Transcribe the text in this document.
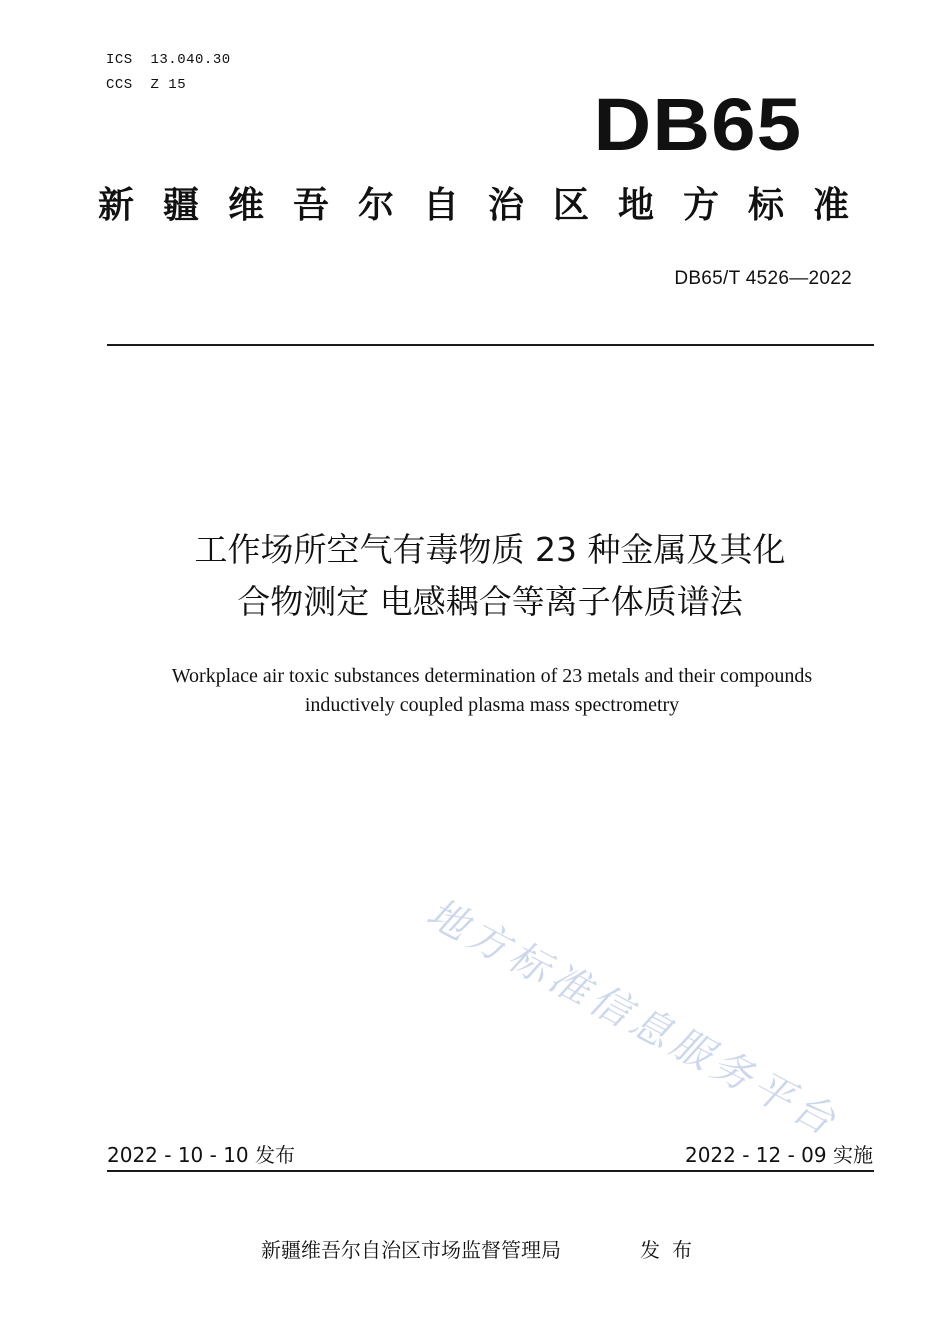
ICS  13.040.30
CCS  Z 15	DB65
新疆维吾尔自治区地方标准
DB65/T 4526—2022
工作场所空气有毒物质 23 种金属及其化
合物测定 电感耦合等离子体质谱法
Workplace air toxic substances determination of 23 metals and their compounds
inductively coupled plasma mass spectrometry
地方标准信息服务平台
2022 - 10 - 10 发布	2022 - 12 - 09 实施
新疆维吾尔自治区市场监督管理局	发布
